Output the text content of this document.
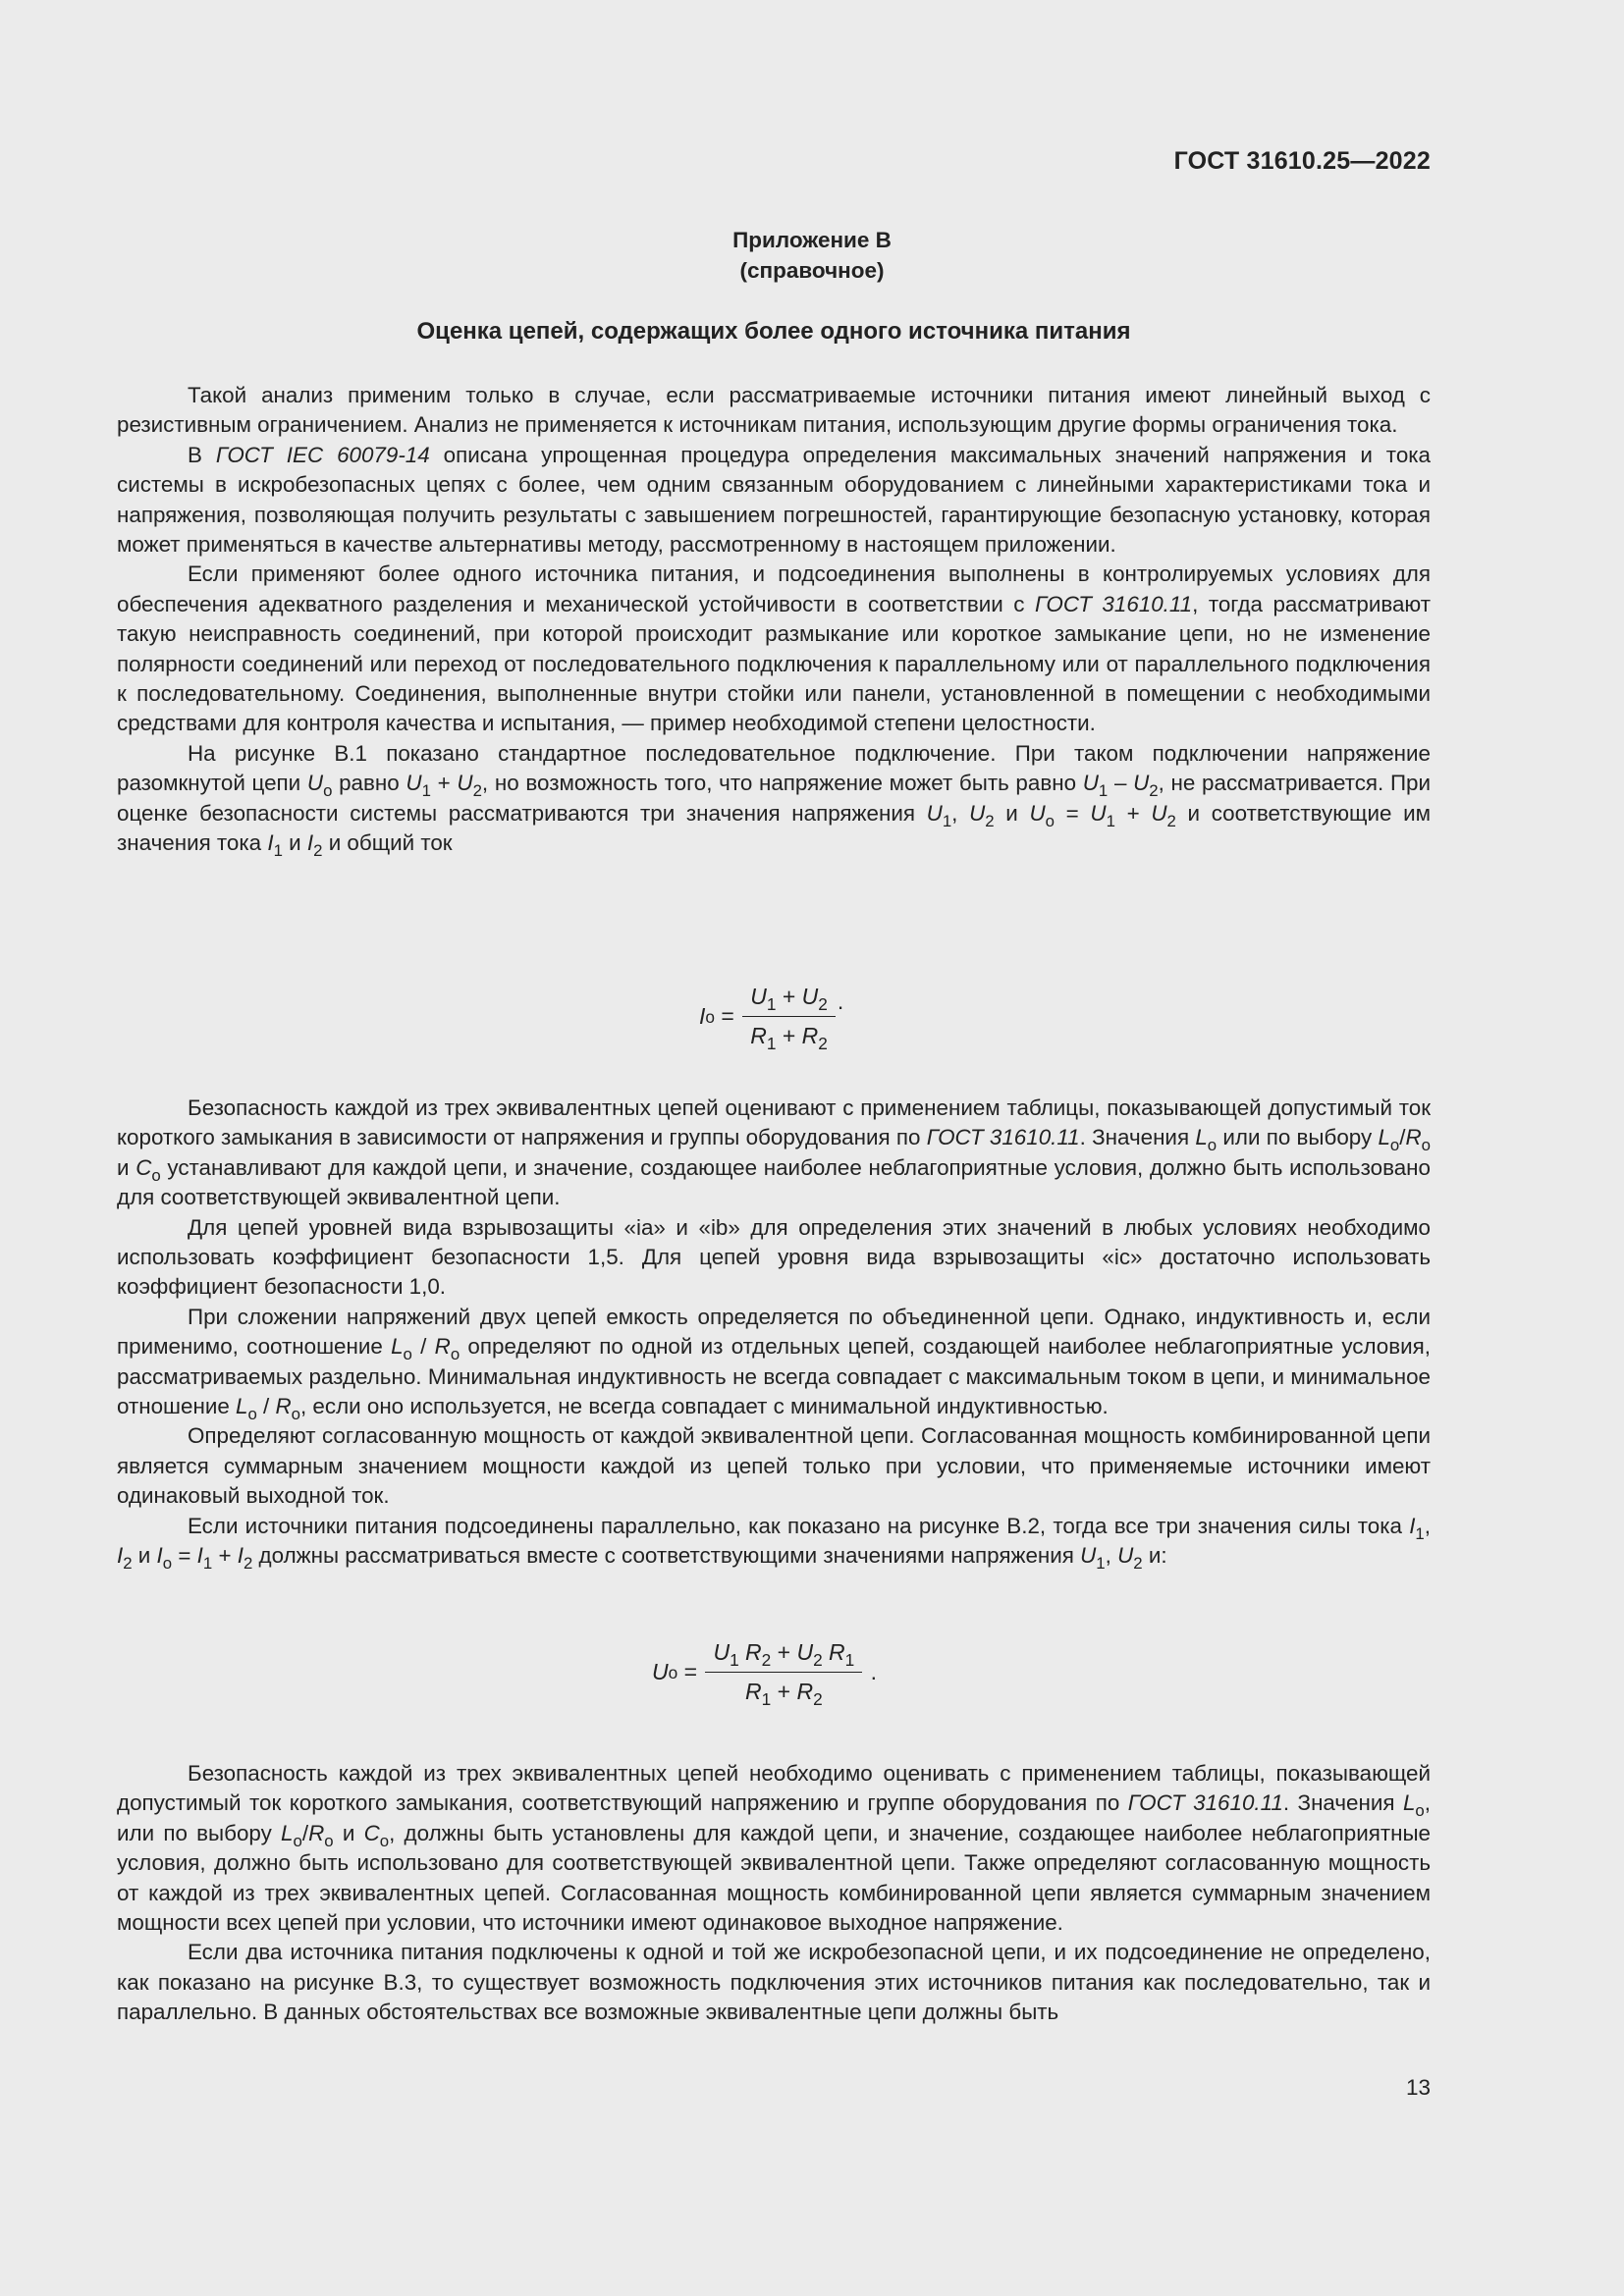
ГОСТ 31610.25—2022
Приложение В
(справочное)
Оценка цепей, содержащих более одного источника питания

Такой анализ применим только в случае, если рассматриваемые источники питания имеют линейный выход с резистивным ограничением. Анализ не применяется к источникам питания, использующим другие формы ограничения тока.

В ГОСТ IEC 60079-14 описана упрощенная процедура определения максимальных значений напряжения и тока системы в искробезопасных цепях с более, чем одним связанным оборудованием с линейными характеристиками тока и напряжения, позволяющая получить результаты с завышением погрешностей, гарантирующие безопасную установку, которая может применяться в качестве альтернативы методу, рассмотренному в настоящем приложении.

Если применяют более одного источника питания, и подсоединения выполнены в контролируемых условиях для обеспечения адекватного разделения и механической устойчивости в соответствии с ГОСТ 31610.11, тогда рассматривают такую неисправность соединений, при которой происходит размыкание или короткое замыкание цепи, но не изменение полярности соединений или переход от последовательного подключения к параллельному или от параллельного подключения к последовательному. Соединения, выполненные внутри стойки или панели, установленной в помещении с необходимыми средствами для контроля качества и испытания, — пример необходимой степени целостности.

На рисунке В.1 показано стандартное последовательное подключение. При таком подключении напряжение разомкнутой цепи $U_o$ равно $U_1 + U_2$, но возможность того, что напряжение может быть равно $U_1 - U_2$, не рассматривается. При оценке безопасности системы рассматриваются три значения напряжения $U_1$, $U_2$ и $U_o = U_1 + U_2$ и соответствующие им значения тока $I_1$ и $I_2$ и общий ток

I $o = \frac{U_1 + U_2}{R_1 + R_2}$ .

Безопасность каждой из трех эквивалентных цепей оценивают с применением таблицы, показывающей допустимый ток короткого замыкания в зависимости от напряжения и группы оборудования по ГОСТ 31610.11. Значения $L_o$ или по выбору $L_o/R_o$ и $C_o$ устанавливают для каждой цепи, и значение, создающее наиболее неблагоприятные условия, должно быть использовано для соответствующей эквивалентной цепи.

Для цепей уровней вида взрывозащиты «ia» и «ib» для определения этих значений в любых условиях необходимо использовать коэффициент безопасности 1,5. Для цепей уровня вида взрывозащиты «ic» достаточно использовать коэффициент безопасности 1,0.

При сложении напряжений двух цепей емкость определяется по объединенной цепи. Однако, индуктивность и, если применимо, соотношение $L_o / R_o$ определяют по одной из отдельных цепей, создающей наиболее неблагоприятные условия, рассматриваемых раздельно. Минимальная индуктивность не всегда совпадает с максимальным током в цепи, и минимальное отношение $L_o / R_o$, если оно используется, не всегда совпадает с минимальной индуктивностью.

Определяют согласованную мощность от каждой эквивалентной цепи. Согласованная мощность комбинированной цепи является суммарным значением мощности каждой из цепей только при условии, что применяемые источники имеют одинаковый выходной ток.

Если источники питания подсоединены параллельно, как показано на рисунке В.2, тогда все три значения силы тока $I_1$, $I_2$ и $I_o = I_1 + I_2$ должны рассматриваться вместе с соответствующими значениями напряжения $U_1$, $U_2$ и:

U $o = \frac{U_1 R_2 + U_2 R_1}{R_1 + R_2}$ .

Безопасность каждой из трех эквивалентных цепей необходимо оценивать с применением таблицы, показывающей допустимый ток короткого замыкания, соответствующий напряжению и группе оборудования по ГОСТ 31610.11. Значения $L_o$, или по выбору $L_o/R_o$ и $C_o$, должны быть установлены для каждой цепи, и значение, создающее наиболее неблагоприятные условия, должно быть использовано для соответствующей эквивалентной цепи. Также определяют согласованную мощность от каждой из трех эквивалентных цепей. Согласованная мощность комбинированной цепи является суммарным значением мощности всех цепей при условии, что источники имеют одинаковое выходное напряжение.

Если два источника питания подключены к одной и той же искробезопасной цепи, и их подсоединение не определено, как показано на рисунке В.3, то существует возможность подключения этих источников питания как последовательно, так и параллельно. В данных обстоятельствах все возможные эквивалентные цепи должны быть

13
